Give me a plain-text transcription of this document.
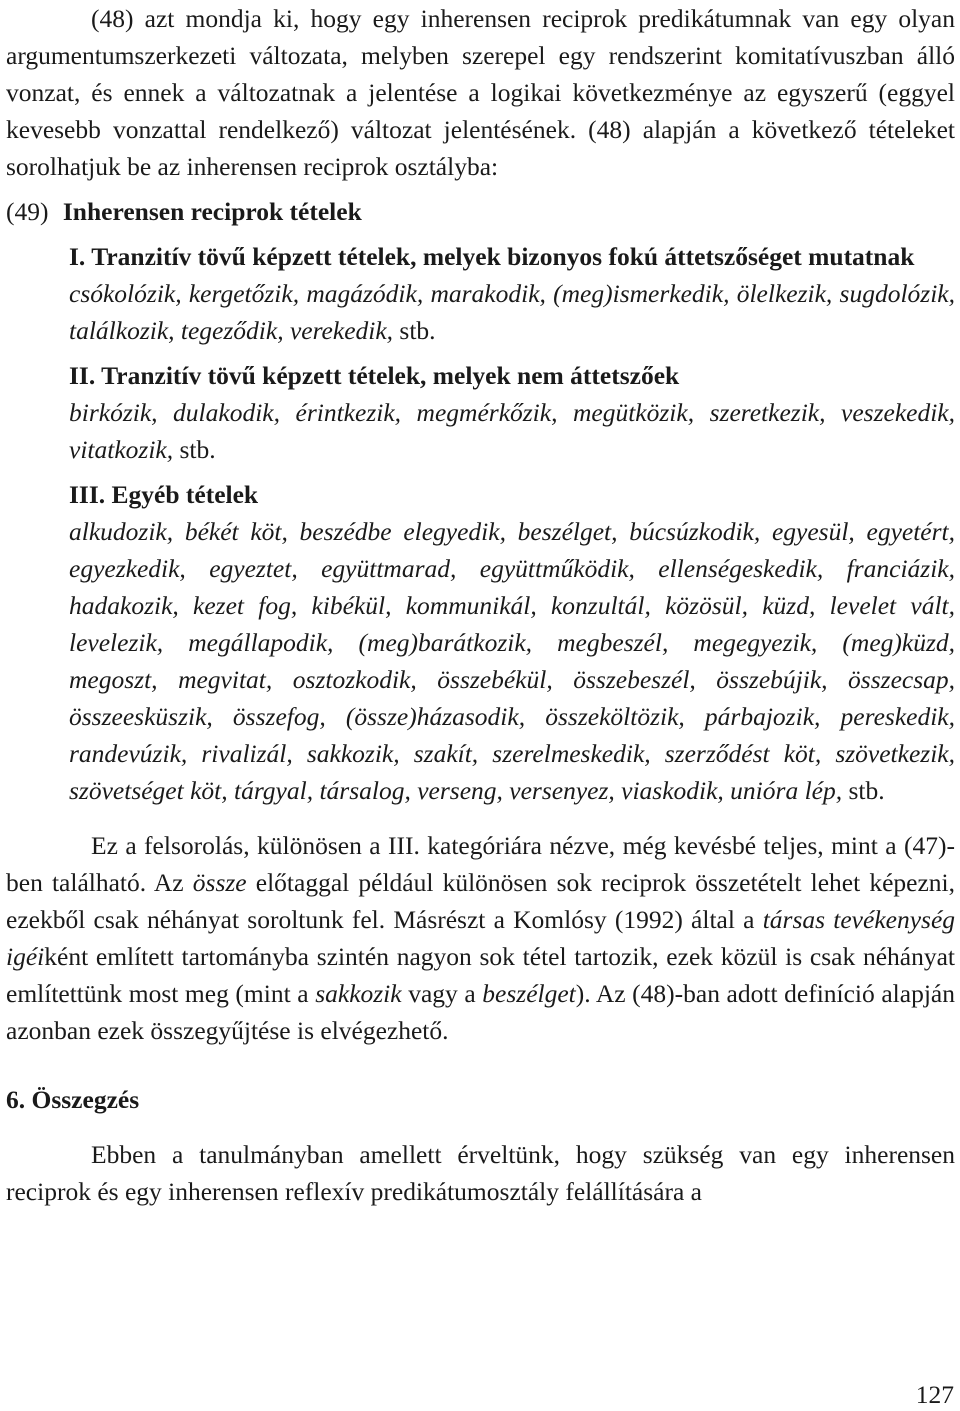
(48) azt mondja ki, hogy egy inherensen reciprok predikátumnak van egy olyan argumentumszerkezeti változata, melyben szerepel egy rendszerint komitatívuszban álló vonzat, és ennek a változatnak a jelentése a logikai következménye az egyszerű (eggyel kevesebb vonzattal rendelkező) változat jelentésének. (48) alapján a következő tételeket sorolhatjuk be az inherensen reciprok osztályba:

(49) Inherensen reciprok tételek

I. Tranzitív tövű képzett tételek, melyek bizonyos fokú áttetszőséget mutatnak

csókolózik, kergetőzik, magázódik, marakodik, (meg)ismerkedik, ölelkezik, sugdolózik, találkozik, tegeződik, verekedik, stb.

II. Tranzitív tövű képzett tételek, melyek nem áttetszőek

birkózik, dulakodik, érintkezik, megmérkőzik, megütközik, szeretkezik, veszekedik, vitatkozik, stb.

III. Egyéb tételek

alkudozik, békét köt, beszédbe elegyedik, beszélget, búcsúzkodik, egyesül, egyetért, egyezkedik, egyeztet, együttmarad, együttműködik, ellenségeskedik, franciázik, hadakozik, kezet fog, kibékül, kommunikál, konzultál, közösül, küzd, levelet vált, levelezik, megállapodik, (meg)barátkozik, megbeszél, megegyezik, (meg)küzd, megoszt, megvitat, osztozkodik, összebékül, összebeszél, összebújik, összecsap, összeesküszik, összefog, (össze)házasodik, összeköltözik, párbajozik, pereskedik, randevúzik, rivalizál, sakkozik, szakít, szerelmeskedik, szerződést köt, szövetkezik, szövetséget köt, tárgyal, társalog, verseng, versenyez, viaskodik, unióra lép, stb.

Ez a felsorolás, különösen a III. kategóriára nézve, még kevésbé teljes, mint a (47)-ben található. Az össze előtaggal például különösen sok reciprok összetételt lehet képezni, ezekből csak néhányat soroltunk fel. Másrészt a Komlósy (1992) által a társas tevékenység igéiként említett tartományba szintén nagyon sok tétel tartozik, ezek közül is csak néhányat említettünk most meg (mint a sakkozik vagy a beszélget). Az (48)-ban adott definíció alapján azonban ezek összegyűjtése is elvégezhető.

6. Összegzés

Ebben a tanulmányban amellett érveltünk, hogy szükség van egy inherensen reciprok és egy inherensen reflexív predikátumosztály felállítására a

127
